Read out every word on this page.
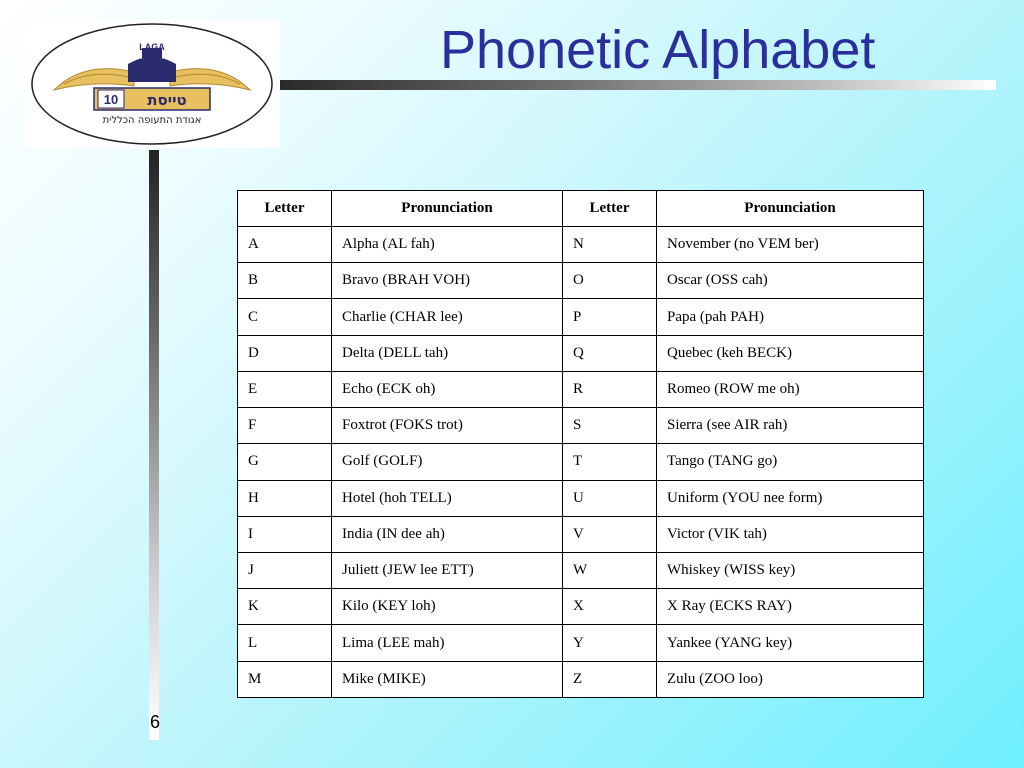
LAGA
10 טייסת
אגודת התעופה הכללית
Phonetic Alphabet
Letter	Pronunciation	Letter	Pronunciation
A	Alpha (AL fah)	N	November (no VEM ber)
B	Bravo (BRAH VOH)	O	Oscar (OSS cah)
C	Charlie (CHAR lee)	P	Papa (pah PAH)
D	Delta (DELL tah)	Q	Quebec (keh BECK)
E	Echo (ECK oh)	R	Romeo (ROW me oh)
F	Foxtrot (FOKS trot)	S	Sierra (see AIR rah)
G	Golf (GOLF)	T	Tango (TANG go)
H	Hotel (hoh TELL)	U	Uniform (YOU nee form)
I	India (IN dee ah)	V	Victor (VIK tah)
J	Juliett (JEW lee ETT)	W	Whiskey (WISS key)
K	Kilo (KEY loh)	X	X Ray (ECKS RAY)
L	Lima (LEE mah)	Y	Yankee (YANG key)
M	Mike (MIKE)	Z	Zulu (ZOO loo)
6
